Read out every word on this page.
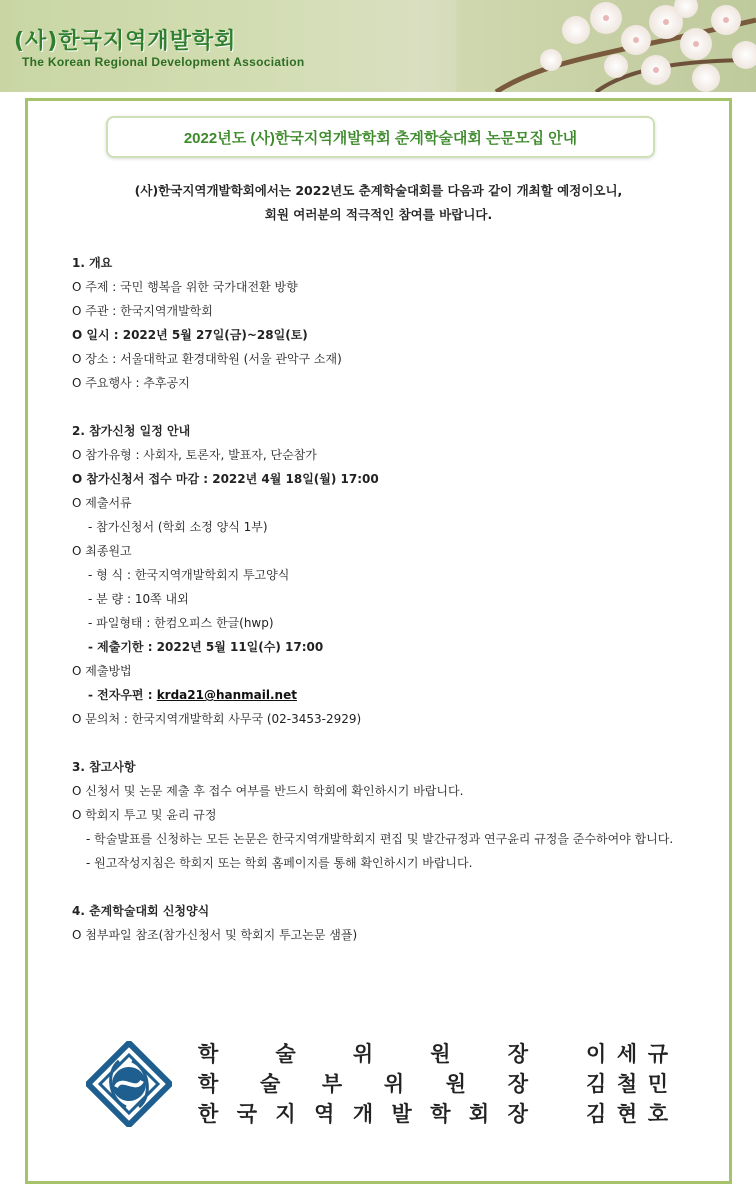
(사)한국지역개발학회
The Korean Regional Development Association
2022년도 (사)한국지역개발학회 춘계학술대회 논문모집 안내
(사)한국지역개발학회에서는 2022년도 춘계학술대회를 다음과 같이 개최할 예정이오니,
회원 여러분의 적극적인 참여를 바랍니다.
1. 개요
O 주제 : 국민 행복을 위한 국가대전환 방향
O 주관 : 한국지역개발학회
O 일시 : 2022년 5월 27일(금)~28일(토)
O 장소 : 서울대학교 환경대학원 (서울 관악구 소재)
O 주요행사 : 추후공지
2. 참가신청 일정 안내
O 참가유형 : 사회자, 토론자, 발표자, 단순참가
O 참가신청서 접수 마감 : 2022년 4월 18일(월) 17:00
O 제출서류
- 참가신청서 (학회 소정 양식 1부)
O 최종원고
- 형 식 : 한국지역개발학회지 투고양식
- 분 량 : 10쪽 내외
- 파일형태 : 한컴오피스 한글(hwp)
- 제출기한 : 2022년 5월 11일(수) 17:00
O 제출방법
- 전자우편 : krda21@hanmail.net
O 문의처 : 한국지역개발학회 사무국 (02-3453-2929)
3. 참고사항
O 신청서 및 논문 제출 후 접수 여부를 반드시 학회에 확인하시기 바랍니다.
O 학회지 투고 및 윤리 규정
- 학술발표를 신청하는 모든 논문은 한국지역개발학회지 편집 및 발간규정과 연구윤리 규정을 준수하여야 합니다.
- 원고작성지침은 학회지 또는 학회 홈페이지를 통해 확인하시기 바랍니다.
4. 춘계학술대회 신청양식
O 첨부파일 참조(참가신청서 및 학회지 투고논문 샘플)
학	술	위	원	장	이 세 규
학 술 부 위 원 장	김 철 민
한 국 지 역 개 발 학 회 장	김 현 호
